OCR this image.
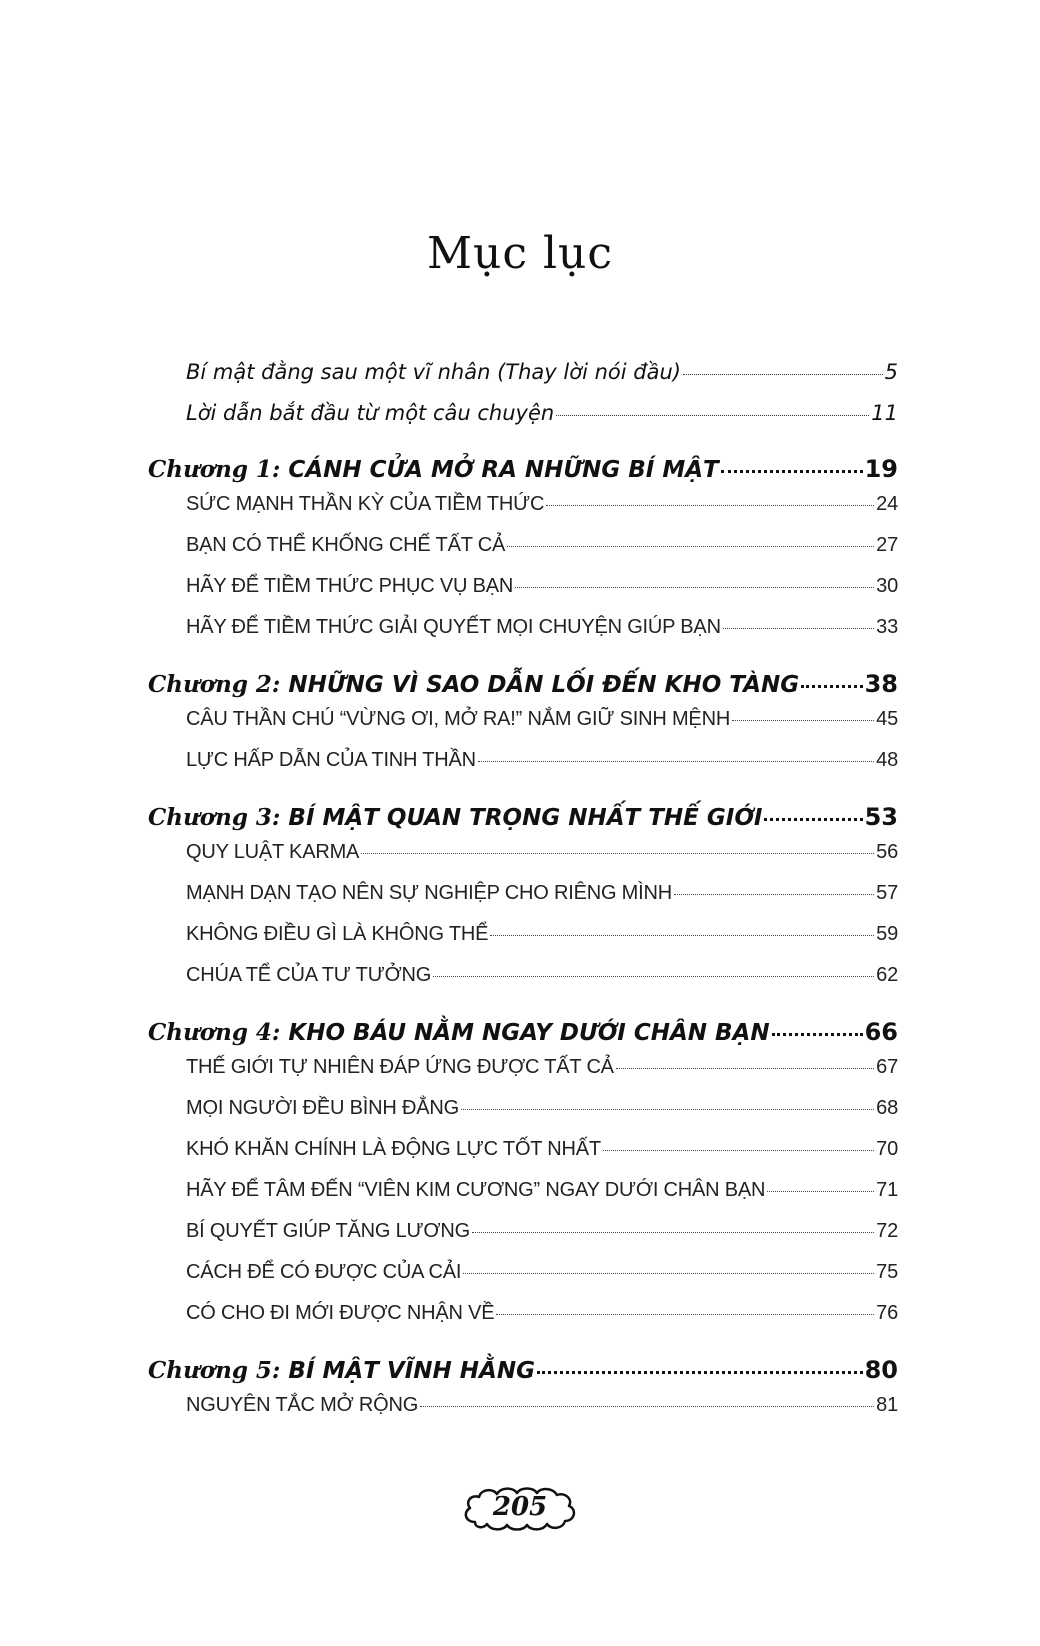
Mục lục
Bí mật đằng sau một vĩ nhân (Thay lời nói đầu)	5
Lời dẫn bắt đầu từ một câu chuyện	11
Chương 1: CÁNH CỬA MỞ RA NHỮNG BÍ MẬT	19
SỨC MẠNH THẦN KỲ CỦA TIỀM THỨC	24
BẠN CÓ THỂ KHỐNG CHẾ TẤT CẢ	27
HÃY ĐỂ TIỀM THỨC PHỤC VỤ BẠN	30
HÃY ĐỂ TIỀM THỨC GIẢI QUYẾT MỌI CHUYỆN GIÚP BẠN	33
Chương 2: NHỮNG VÌ SAO DẪN LỐI ĐẾN KHO TÀNG	38
CÂU THẦN CHÚ “VỪNG ƠI, MỞ RA!” NẮM GIỮ SINH MỆNH	45
LỰC HẤP DẪN CỦA TINH THẦN	48
Chương 3: BÍ MẬT QUAN TRỌNG NHẤT THẾ GIỚI	53
QUY LUẬT KARMA	56
MẠNH DẠN TẠO NÊN SỰ NGHIỆP CHO RIÊNG MÌNH	57
KHÔNG ĐIỀU GÌ LÀ KHÔNG THỂ	59
CHÚA TỂ CỦA TƯ TƯỞNG	62
Chương 4: KHO BÁU NẰM NGAY DƯỚI CHÂN BẠN	66
THẾ GIỚI TỰ NHIÊN ĐÁP ỨNG ĐƯỢC TẤT CẢ	67
MỌI NGƯỜI ĐỀU BÌNH ĐẲNG	68
KHÓ KHĂN CHÍNH LÀ ĐỘNG LỰC TỐT NHẤT	70
HÃY ĐỂ TÂM ĐẾN “VIÊN KIM CƯƠNG” NGAY DƯỚI CHÂN BẠN	71
BÍ QUYẾT GIÚP TĂNG LƯƠNG	72
CÁCH ĐỂ CÓ ĐƯỢC CỦA CẢI	75
CÓ CHO ĐI MỚI ĐƯỢC NHẬN VỀ	76
Chương 5: BÍ MẬT VĨNH HẰNG	80
NGUYÊN TẮC MỞ RỘNG	81
205
